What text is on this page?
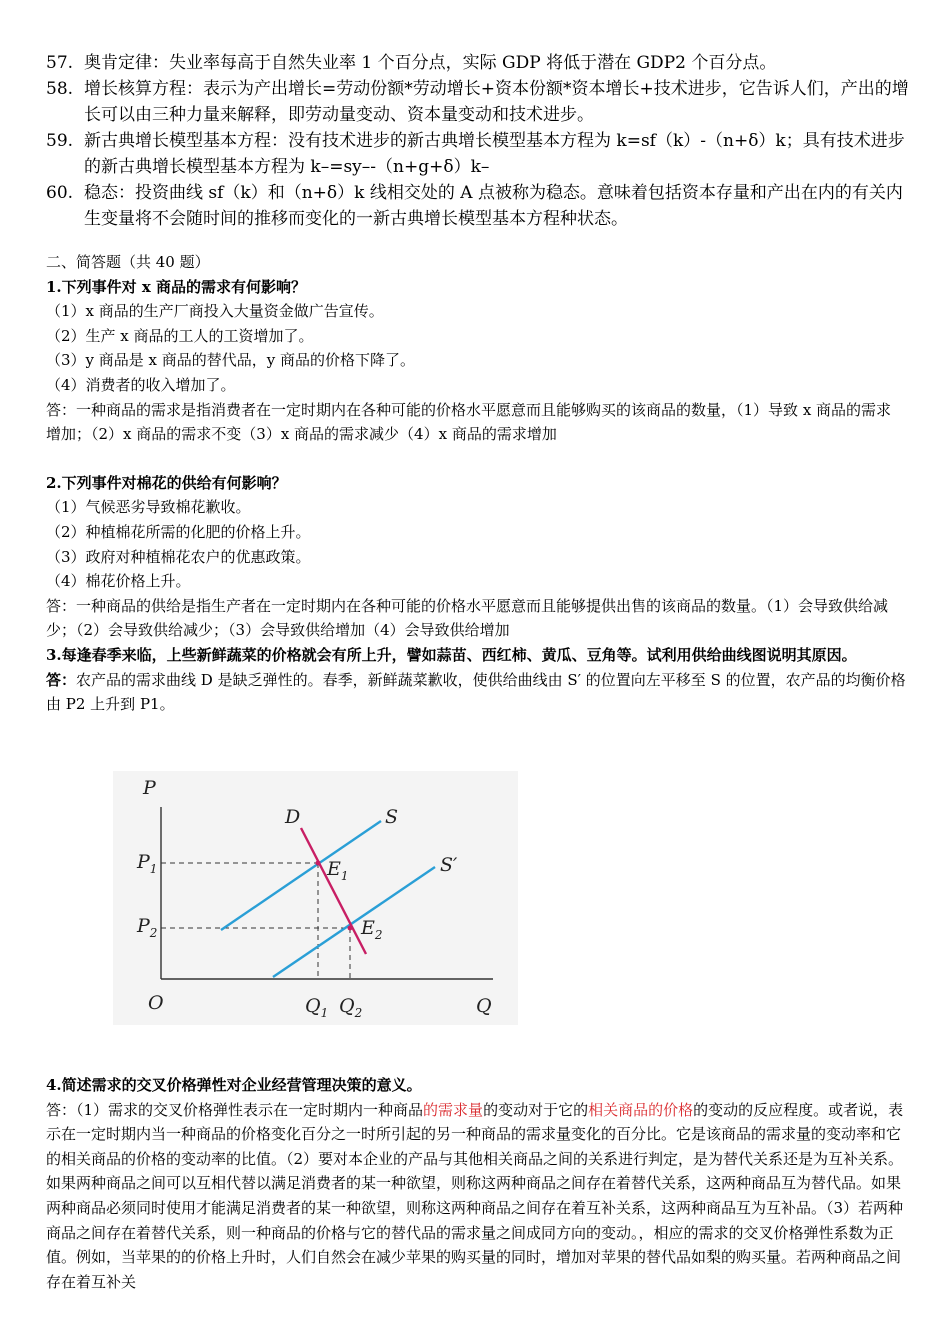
57. 奥肯定律：失业率每高于自然失业率 1 个百分点，实际 GDP 将低于潜在 GDP2 个百分点。
58. 增长核算方程：表示为产出增长=劳动份额*劳动增长+资本份额*资本增长+技术进步，它告诉人们，产出的增长可以由三种力量来解释，即劳动量变动、资本量变动和技术进步。
59. 新古典增长模型基本方程：没有技术进步的新古典增长模型基本方程为 k=sf（k）-（n+δ）k；具有技术进步的新古典增长模型基本方程为 k–=sy–-（n+g+δ）k–
60. 稳态：投资曲线 sf（k）和（n+δ）k 线相交处的 A 点被称为稳态。意味着包括资本存量和产出在内的有关内生变量将不会随时间的推移而变化的一新古典增长模型基本方程种状态。
二、简答题（共 40 题）
1.下列事件对 x 商品的需求有何影响？
（1）x 商品的生产厂商投入大量资金做广告宣传。
（2）生产 x 商品的工人的工资增加了。
（3）y 商品是 x 商品的替代品，y 商品的价格下降了。
（4）消费者的收入增加了。
答：一种商品的需求是指消费者在一定时期内在各种可能的价格水平愿意而且能够购买的该商品的数量，（1）导致 x 商品的需求增加；（2）x 商品的需求不变（3）x 商品的需求减少（4）x 商品的需求增加
2.下列事件对棉花的供给有何影响？
（1）气候恶劣导致棉花歉收。
（2）种植棉花所需的化肥的价格上升。
（3）政府对种植棉花农户的优惠政策。
（4）棉花价格上升。
答：一种商品的供给是指生产者在一定时期内在各种可能的价格水平愿意而且能够提供出售的该商品的数量。（1）会导致供给减少；（2）会导致供给减少；（3）会导致供给增加（4）会导致供给增加
3.每逢春季来临，上些新鲜蔬菜的价格就会有所上升，譬如蒜苗、西红柿、黄瓜、豆角等。试利用供给曲线图说明其原因。
答：农产品的需求曲线 D 是缺乏弹性的。春季，新鲜蔬菜歉收，使供给曲线由 S′ 的位置向左平移至 S 的位置，农产品的均衡价格由 P2 上升到 P1。
P
O	Q
D	S
S′
$P_1$
$P_2$
$E_1$
$E_2$
$Q_1$ $Q_2$
4.简述需求的交叉价格弹性对企业经营管理决策的意义。
答：（1）需求的交叉价格弹性表示在一定时期内一种商品的需求量的变动对于它的相关商品的价格的变动的反应程度。或者说，表示在一定时期内当一种商品的价格变化百分之一时所引起的另一种商品的需求量变化的百分比。它是该商品的需求量的变动率和它的相关商品的价格的变动率的比值。（2）要对本企业的产品与其他相关商品之间的关系进行判定，是为替代关系还是为互补关系。如果两种商品之间可以互相代替以满足消费者的某一种欲望，则称这两种商品之间存在着替代关系，这两种商品互为替代品。如果两种商品必须同时使用才能满足消费者的某一种欲望，则称这两种商品之间存在着互补关系，这两种商品互为互补品。（3）若两种商品之间存在着替代关系，则一种商品的价格与它的替代品的需求量之间成同方向的变动。，相应的需求的交叉价格弹性系数为正值。例如，当苹果的的价格上升时，人们自然会在减少苹果的购买量的同时，增加对苹果的替代品如梨的购买量。若两种商品之间存在着互补关
